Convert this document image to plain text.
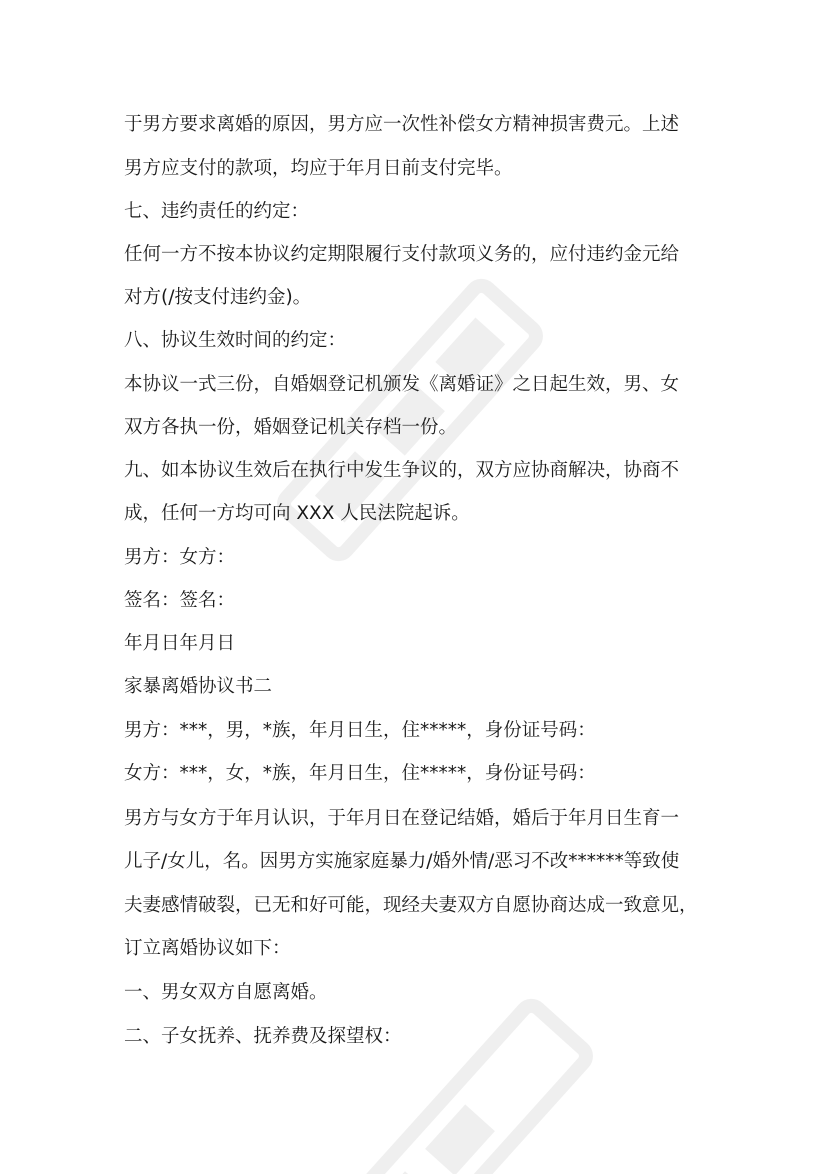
于男方要求离婚的原因，男方应一次性补偿女方精神损害费元。上述

男方应支付的款项，均应于年月日前支付完毕。

七、违约责任的约定：

任何一方不按本协议约定期限履行支付款项义务的，应付违约金元给

对方(/按支付违约金)。

八、协议生效时间的约定：

本协议一式三份，自婚姻登记机颁发《离婚证》之日起生效，男、女

双方各执一份，婚姻登记机关存档一份。

九、如本协议生效后在执行中发生争议的，双方应协商解决，协商不

成，任何一方均可向 XXX 人民法院起诉。

男方：女方：

签名：签名：

年月日年月日

家暴离婚协议书二

男方：***，男，*族，年月日生，住*****，身份证号码：

女方：***，女，*族，年月日生，住*****，身份证号码：

男方与女方于年月认识，于年月日在登记结婚，婚后于年月日生育一

儿子/女儿，名。因男方实施家庭暴力/婚外情/恶习不改******等致使

夫妻感情破裂，已无和好可能，现经夫妻双方自愿协商达成一致意见，

订立离婚协议如下：

一、男女双方自愿离婚。

二、子女抚养、抚养费及探望权：
